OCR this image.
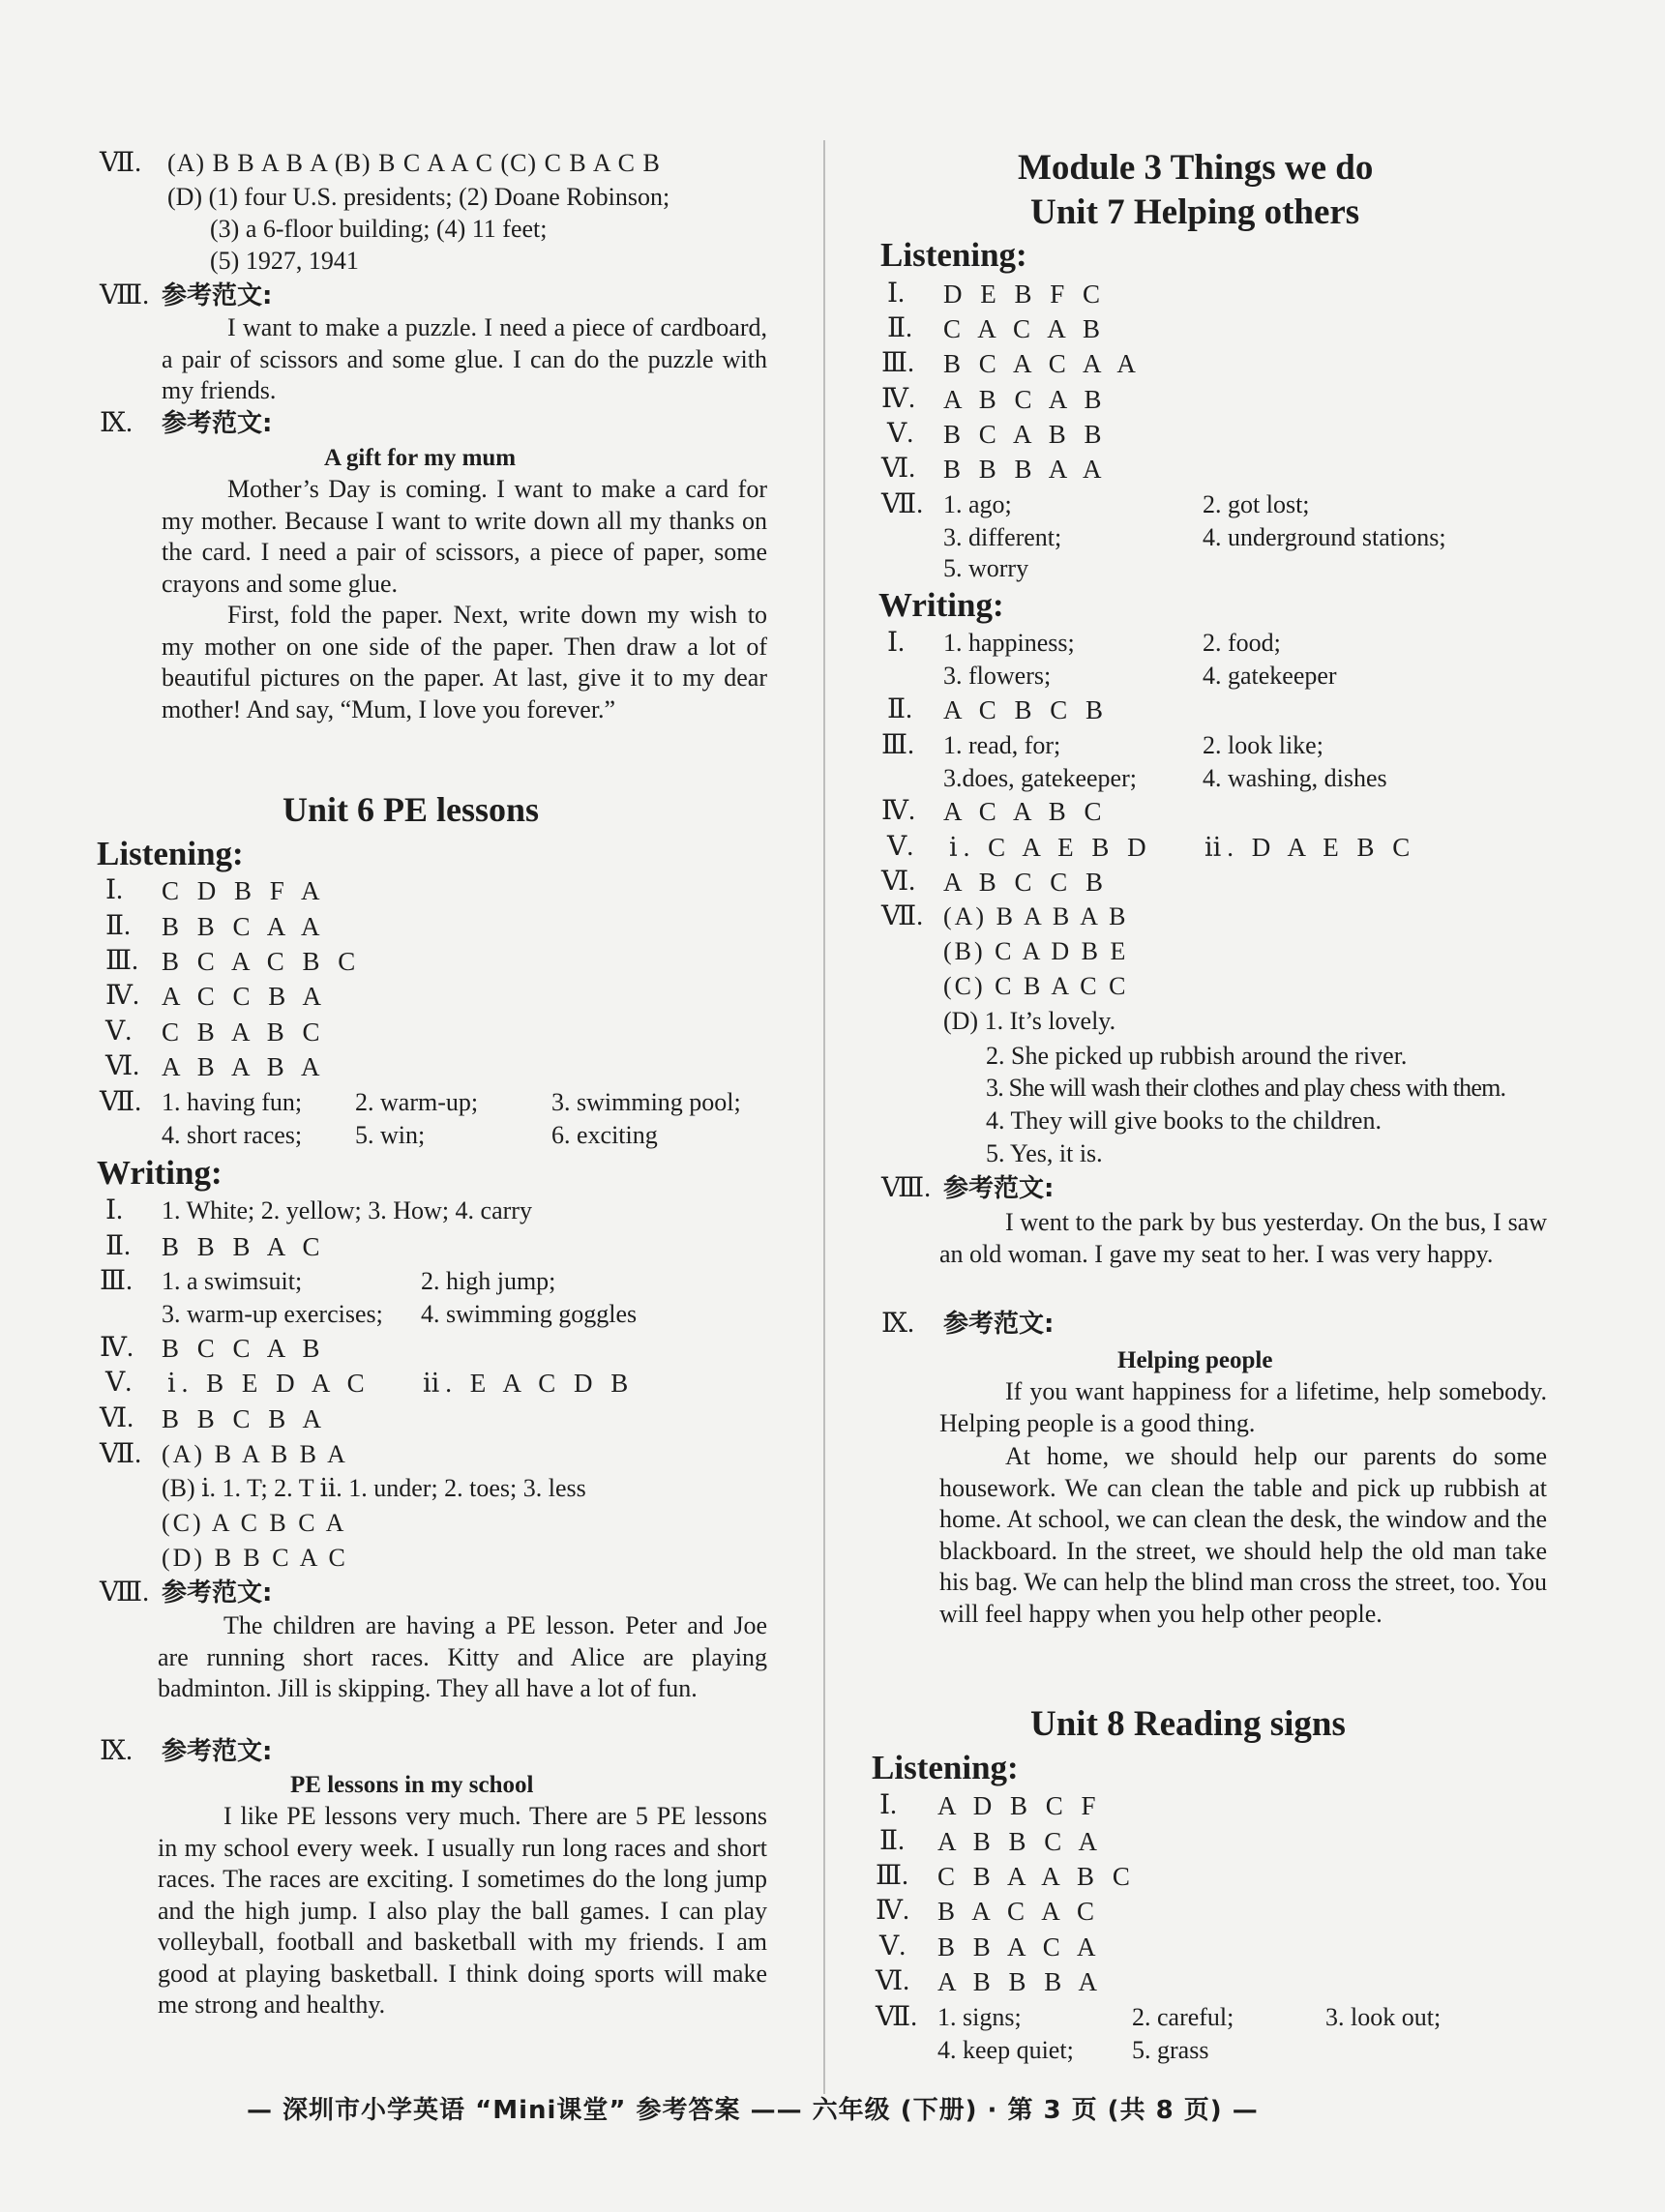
Ⅶ. (A) B B A B A (B) B C A A C (C) C B A C B
(D) (1) four U.S. presidents; (2) Doane Robinson;
(3) a 6-floor building; (4) 11 feet;
(5) 1927, 1941
Ⅷ. 参考范文:
I want to make a puzzle. I need a piece of cardboard, a pair of scissors and some glue. I can do the puzzle with my friends.
Ⅸ. 参考范文:
A gift for my mum
Mother’s Day is coming. I want to make a card for my mother. Because I want to write down all my thanks on the card. I need a pair of scissors, a piece of paper, some crayons and some glue.
First, fold the paper. Next, write down my wish to my mother on one side of the paper. Then draw a lot of beautiful pictures on the paper. At last, give it to my dear mother! And say, “Mum, I love you forever.”
Unit 6 PE lessons
Listening:
Ⅰ. C D B F A
Ⅱ. B B C A A
Ⅲ. B C A C B C
Ⅳ. A C C B A
Ⅴ. C B A B C
Ⅵ. A B A B A
Ⅶ. 1. having fun; 2. warm-up;	3. swimming pool;
4. short races; 5. win;	6. exciting
Writing:
Ⅰ. 1. White; 2. yellow; 3. How; 4. carry
Ⅱ. B B B A C
Ⅲ. 1. a swimsuit;	2. high jump;
3. warm-up exercises; 4. swimming goggles
Ⅳ. B C C A B
Ⅴ. ⅰ. B E D A C ⅱ. E A C D B
Ⅵ. B B C B A
Ⅶ. (A) B A B B A
(B) ⅰ. 1. T; 2. T ⅱ. 1. under; 2. toes; 3. less
(C) A C B C A
(D) B B C A C
Ⅷ. 参考范文:
The children are having a PE lesson. Peter and Joe are running short races. Kitty and Alice are playing badminton. Jill is skipping. They all have a lot of fun.
Ⅸ. 参考范文:
PE lessons in my school
I like PE lessons very much. There are 5 PE lessons in my school every week. I usually run long races and short races. The races are exciting. I sometimes do the long jump and the high jump. I also play the ball games. I can play volleyball, football and basketball with my friends. I am good at playing basketball. I think doing sports will make me strong and healthy.
Module 3 Things we do
Unit 7 Helping others
Listening:
Ⅰ. D E B F C
Ⅱ. C A C A B
Ⅲ. B C A C A A
Ⅳ. A B C A B
Ⅴ. B C A B B
Ⅵ. B B B A A
Ⅶ. 1. ago;	2. got lost;
3. different;	4. underground stations;
5. worry
Writing:
Ⅰ. 1. happiness;	2. food;
3. flowers;	4. gatekeeper
Ⅱ. A C B C B
Ⅲ. 1. read, for;	2. look like;
3.does, gatekeeper;	4. washing, dishes
Ⅳ. A C A B C
Ⅴ. ⅰ. C A E B D ⅱ. D A E B C
Ⅵ. A B C C B
Ⅶ. (A) B A B A B
(B) C A D B E
(C) C B A C C
(D) 1. It’s lovely.
2. She picked up rubbish around the river.
3. She will wash their clothes and play chess with them.
4. They will give books to the children.
5. Yes, it is.
Ⅷ. 参考范文:
I went to the park by bus yesterday. On the bus, I saw an old woman. I gave my seat to her. I was very happy.
Ⅸ. 参考范文:
Helping people
If you want happiness for a lifetime, help somebody. Helping people is a good thing.
At home, we should help our parents do some housework. We can clean the table and pick up rubbish at home. At school, we can clean the desk, the window and the blackboard. In the street, we should help the old man take his bag. We can help the blind man cross the street, too. You will feel happy when you help other people.
Unit 8 Reading signs
Listening:
Ⅰ. A D B C F
Ⅱ. A B B C A
Ⅲ. C B A A B C
Ⅳ. B A C A C
Ⅴ. B B A C A
Ⅵ. A B B B A
Ⅶ. 1. signs;	2. careful;	3. look out;
4. keep quiet; 5. grass
— 深圳市小学英语 “Mini课堂” 参考答案 —— 六年级 (下册) · 第 3 页 (共 8 页) —
